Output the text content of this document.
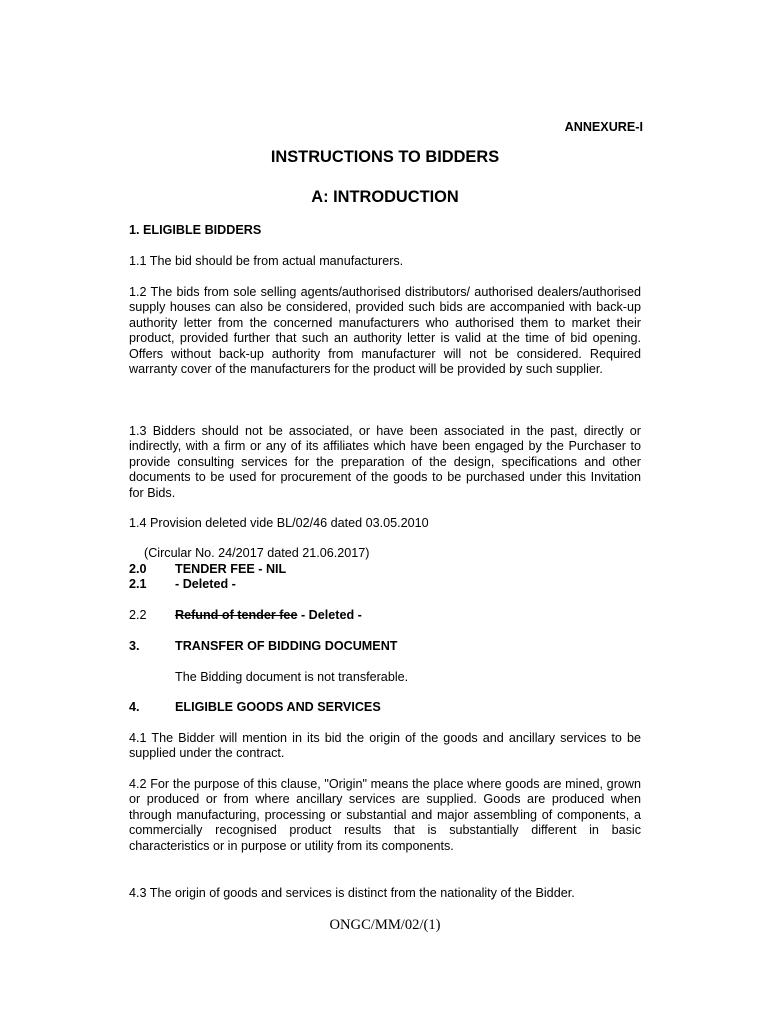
ANNEXURE-I
INSTRUCTIONS TO BIDDERS
A: INTRODUCTION
1. ELIGIBLE BIDDERS
1.1 The bid should be from actual manufacturers.
1.2 The bids from sole selling agents/authorised distributors/ authorised dealers/authorised supply houses can also be considered, provided such bids are accompanied with back-up authority letter from the concerned manufacturers who authorised them to market their product, provided further that such an authority letter is valid at the time of bid opening. Offers without back-up authority from manufacturer will not be considered. Required warranty cover of the manufacturers for the product will be provided by such supplier.
1.3 Bidders should not be associated, or have been associated in the past, directly or indirectly, with a firm or any of its affiliates which have been engaged by the Purchaser to provide consulting services for the preparation of the design, specifications and other documents to be used for procurement of the goods to be purchased under this Invitation for Bids.
1.4 Provision deleted vide BL/02/46 dated 03.05.2010
(Circular No. 24/2017 dated 21.06.2017)
2.0 TENDER FEE - NIL
2.1 - Deleted -
2.2 Refund of tender fee - Deleted -
3.	TRANSFER OF BIDDING DOCUMENT
The Bidding document is not transferable.
4.	ELIGIBLE GOODS AND SERVICES
4.1 The Bidder will mention in its bid the origin of the goods and ancillary services to be supplied under the contract.
4.2 For the purpose of this clause, "Origin" means the place where goods are mined, grown or produced or from where ancillary services are supplied. Goods are produced when through manufacturing, processing or substantial and major assembling of components, a commercially recognised product results that is substantially different in basic characteristics or in purpose or utility from its components.
4.3 The origin of goods and services is distinct from the nationality of the Bidder.
ONGC/MM/02/(1)
